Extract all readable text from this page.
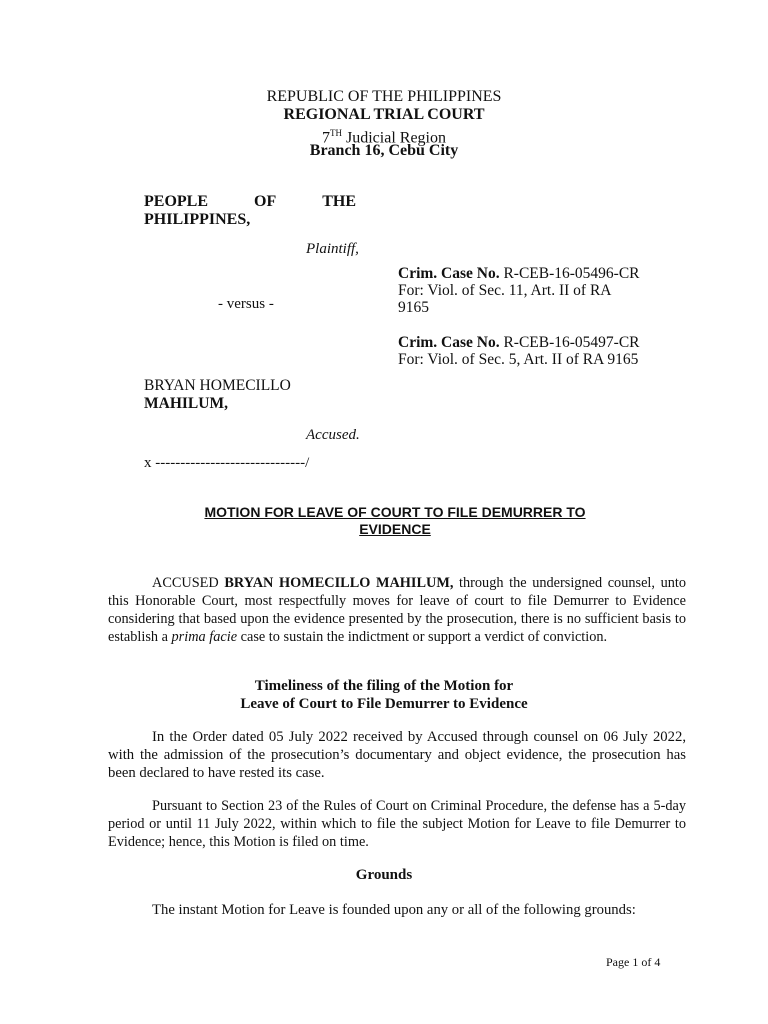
REPUBLIC OF THE PHILIPPINES
REGIONAL TRIAL COURT
7TH Judicial Region
Branch 16, Cebu City
PEOPLE	OF	THE
PHILIPPINES,
Plaintiff,
- versus -
BRYAN HOMECILLO
MAHILUM,
Accused.
x ------------------------------/
Crim. Case No. R-CEB-16-05496-CR
For: Viol. of Sec. 11, Art. II of RA
9165
Crim. Case No. R-CEB-16-05497-CR
For: Viol. of Sec. 5, Art. II of RA 9165
MOTION FOR LEAVE OF COURT TO FILE DEMURRER TO
EVIDENCE
ACCUSED BRYAN HOMECILLO MAHILUM, through the undersigned counsel, unto this Honorable Court, most respectfully moves for leave of court to file Demurrer to Evidence considering that based upon the evidence presented by the prosecution, there is no sufficient basis to establish a prima facie case to sustain the indictment or support a verdict of conviction.
Timeliness of the filing of the Motion for
Leave of Court to File Demurrer to Evidence
In the Order dated 05 July 2022 received by Accused through counsel on 06 July 2022, with the admission of the prosecution’s documentary and object evidence, the prosecution has been declared to have rested its case.
Pursuant to Section 23 of the Rules of Court on Criminal Procedure, the defense has a 5-day period or until 11 July 2022, within which to file the subject Motion for Leave to file Demurrer to Evidence; hence, this Motion is filed on time.
Grounds
The instant Motion for Leave is founded upon any or all of the following grounds:
Page 1 of 4
